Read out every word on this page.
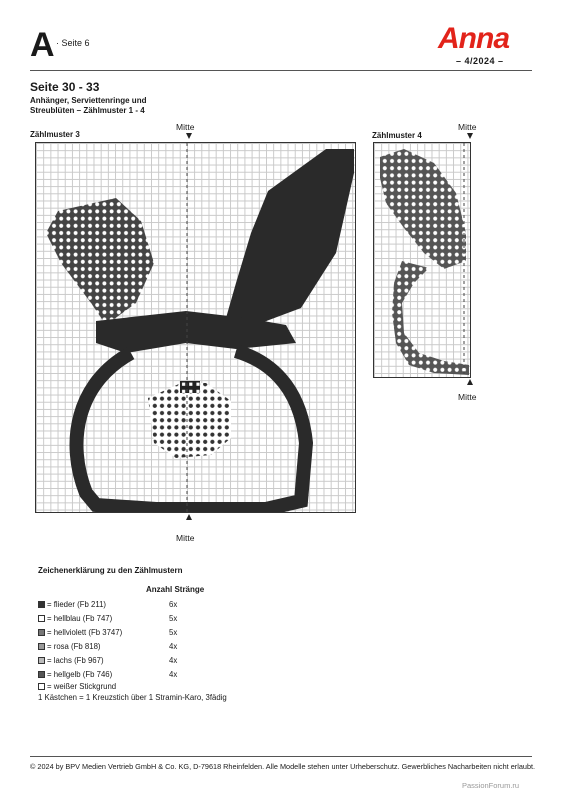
A · Seite 6	Anna
– 4/2024 –
Seite 30 - 33
Anhänger, Serviettenringe und Streublüten – Zählmuster 1 - 4
Zählmuster 3
Mitte
Mitte
Zählmuster 4
Mitte
Mitte
Zeichenerklärung zu den Zählmustern
Anzahl Stränge
= flieder (Fb 211)	6x
= hellblau (Fb 747)	5x
= hellviolett (Fb 3747)	5x
= rosa (Fb 818)	4x
= lachs (Fb 967)	4x
= hellgelb (Fb 746)	4x
= weißer Stickgrund
1 Kästchen = 1 Kreuzstich über 1 Stramin-Karo, 3fädig
© 2024 by BPV Medien Vertrieb GmbH & Co. KG, D-79618 Rheinfelden. Alle Modelle stehen unter Urheberschutz. Gewerbliches Nacharbeiten nicht erlaubt.
PassionForum.ru
